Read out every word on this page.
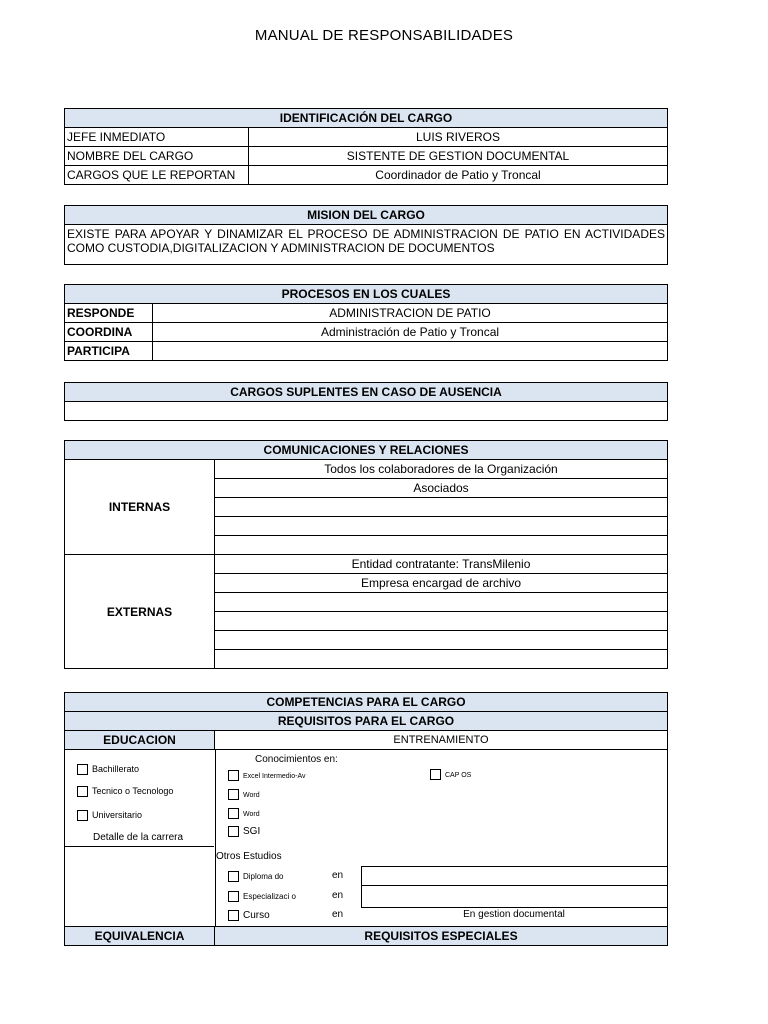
MANUAL DE RESPONSABILIDADES
IDENTIFICACIÓN DEL CARGO	
JEFE INMEDIATO	LUIS RIVEROS
NOMBRE DEL CARGO	SISTENTE DE GESTION DOCUMENTAL
CARGOS QUE LE REPORTAN	Coordinador de Patio y Troncal
MISION DEL CARGO
EXISTE PARA APOYAR Y DINAMIZAR EL PROCESO DE ADMINISTRACION DE PATIO EN ACTIVIDADES COMO CUSTODIA,DIGITALIZACION Y ADMINISTRACION DE DOCUMENTOS
PROCESOS EN LOS CUALES	
RESPONDE	ADMINISTRACION DE PATIO
COORDINA	Administración de Patio y Troncal
PARTICIPA	
CARGOS SUPLENTES EN CASO DE AUSENCIA

COMUNICACIONES Y RELACIONES	
INTERNAS	Todos los colaboradores de la Organización
	Asociados

EXTERNAS	Entidad contratante: TransMilenio
	Empresa encargad de archivo

COMPETENCIAS PARA EL CARGO
REQUISITOS PARA EL CARGO
EDUCACION	ENTRENAMIENTO
Bachillerato
Tecnico o Tecnologo
Universitario
Detalle de la carrera
Conocimientos en:
Excel Intermedio-Av
Word
Word
SGI
CAP OS
Otros Estudios
Diploma do	en
Especializaci o	en
Curso	en	En gestion documental
EQUIVALENCIA	REQUISITOS ESPECIALES
